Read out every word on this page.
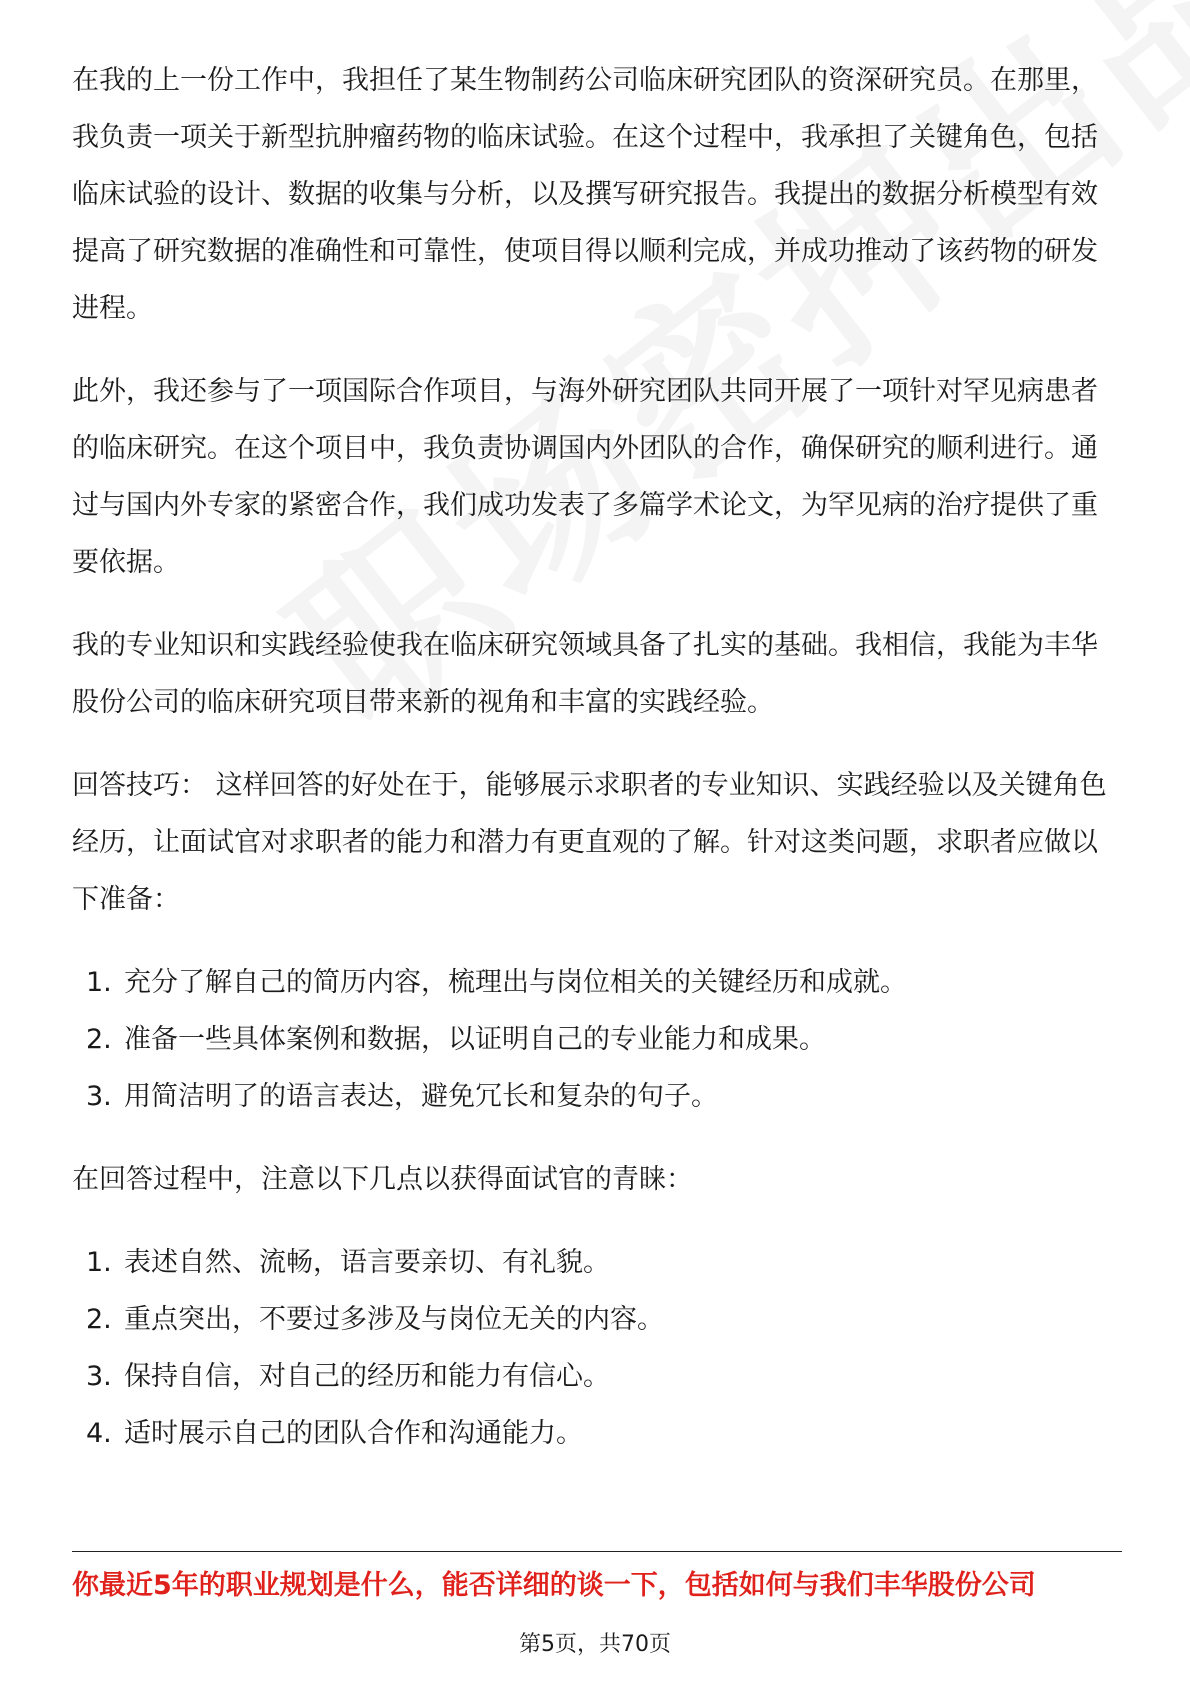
在我的上一份工作中，我担任了某生物制药公司临床研究团队的资深研究员。在那里，我负责一项关于新型抗肿瘤药物的临床试验。在这个过程中，我承担了关键角色，包括临床试验的设计、数据的收集与分析，以及撰写研究报告。我提出的数据分析模型有效提高了研究数据的准确性和可靠性，使项目得以顺利完成，并成功推动了该药物的研发进程。

此外，我还参与了一项国际合作项目，与海外研究团队共同开展了一项针对罕见病患者的临床研究。在这个项目中，我负责协调国内外团队的合作，确保研究的顺利进行。通过与国内外专家的紧密合作，我们成功发表了多篇学术论文，为罕见病的治疗提供了重要依据。

我的专业知识和实践经验使我在临床研究领域具备了扎实的基础。我相信，我能为丰华股份公司的临床研究项目带来新的视角和丰富的实践经验。

回答技巧： 这样回答的好处在于，能够展示求职者的专业知识、实践经验以及关键角色经历，让面试官对求职者的能力和潜力有更直观的了解。针对这类问题，求职者应做以下准备：

1. 充分了解自己的简历内容，梳理出与岗位相关的关键经历和成就。
2. 准备一些具体案例和数据，以证明自己的专业能力和成果。
3. 用简洁明了的语言表达，避免冗长和复杂的句子。

在回答过程中，注意以下几点以获得面试官的青睐：

1. 表述自然、流畅，语言要亲切、有礼貌。
2. 重点突出，不要过多涉及与岗位无关的内容。
3. 保持自信，对自己的经历和能力有信心。
4. 适时展示自己的团队合作和沟通能力。
你最近5年的职业规划是什么，能否详细的谈一下，包括如何与我们丰华股份公司
第5页，共70页
